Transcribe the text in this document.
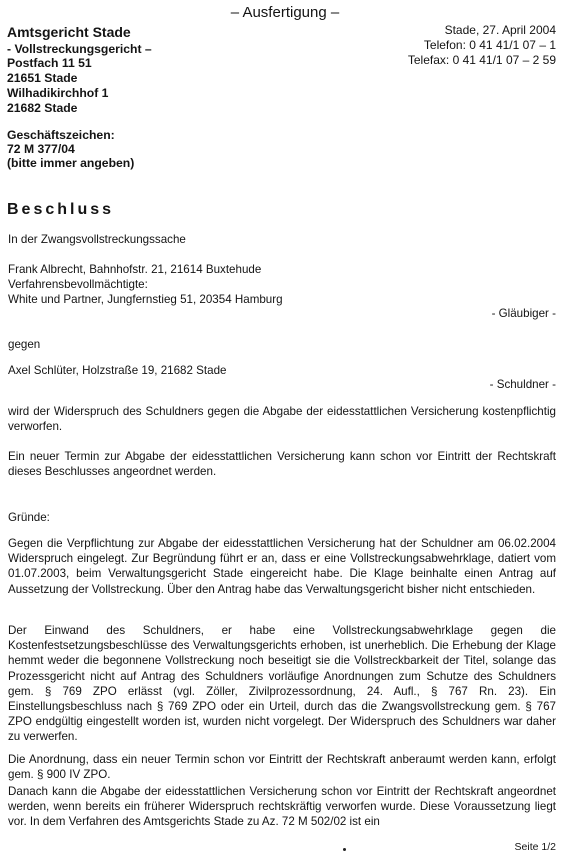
– Ausfertigung –
Amtsgericht Stade
- Vollstreckungsgericht –
Postfach 11 51
21651 Stade
Wilhadikirchhof 1
21682 Stade
Geschäftszeichen:
72 M 377/04
(bitte immer angeben)
Stade, 27. April 2004
Telefon: 0 41 41/1 07 – 1
Telefax: 0 41 41/1 07 – 2 59
Beschluss
In der Zwangsvollstreckungssache
Frank Albrecht, Bahnhofstr. 21, 21614 Buxtehude
Verfahrensbevollmächtigte:
White und Partner, Jungfernstieg 51, 20354 Hamburg
- Gläubiger -
gegen
Axel Schlüter, Holzstraße 19, 21682 Stade
- Schuldner -
wird der Widerspruch des Schuldners gegen die Abgabe der eidesstattlichen Versicherung kostenpflichtig verworfen.
Ein neuer Termin zur Abgabe der eidesstattlichen Versicherung kann schon vor Eintritt der Rechtskraft dieses Beschlusses angeordnet werden.
Gründe:
Gegen die Verpflichtung zur Abgabe der eidesstattlichen Versicherung hat der Schuldner am 06.02.2004 Widerspruch eingelegt. Zur Begründung führt er an, dass er eine Vollstreckungsabwehrklage, datiert vom 01.07.2003, beim Verwaltungsgericht Stade eingereicht habe. Die Klage beinhalte einen Antrag auf Aussetzung der Vollstreckung. Über den Antrag habe das Verwaltungsgericht bisher nicht entschieden.
Der Einwand des Schuldners, er habe eine Vollstreckungsabwehrklage gegen die Kostenfestsetzungsbeschlüsse des Verwaltungsgerichts erhoben, ist unerheblich. Die Erhebung der Klage hemmt weder die begonnene Vollstreckung noch beseitigt sie die Vollstreckbarkeit der Titel, solange das Prozessgericht nicht auf Antrag des Schuldners vorläufige Anordnungen zum Schutze des Schuldners gem. § 769 ZPO erlässt (vgl. Zöller, Zivilprozessordnung, 24. Aufl., § 767 Rn. 23). Ein Einstellungsbeschluss nach § 769 ZPO oder ein Urteil, durch das die Zwangsvollstreckung gem. § 767 ZPO endgültig eingestellt worden ist, wurden nicht vorgelegt. Der Widerspruch des Schuldners war daher zu verwerfen.
Die Anordnung, dass ein neuer Termin schon vor Eintritt der Rechtskraft anberaumt werden kann, erfolgt gem. § 900 IV ZPO.
Danach kann die Abgabe der eidesstattlichen Versicherung schon vor Eintritt der Rechtskraft angeordnet werden, wenn bereits ein früherer Widerspruch rechtskräftig verworfen wurde. Diese Voraussetzung liegt vor. In dem Verfahren des Amtsgerichts Stade zu Az. 72 M 502/02 ist ein
Seite 1/2
